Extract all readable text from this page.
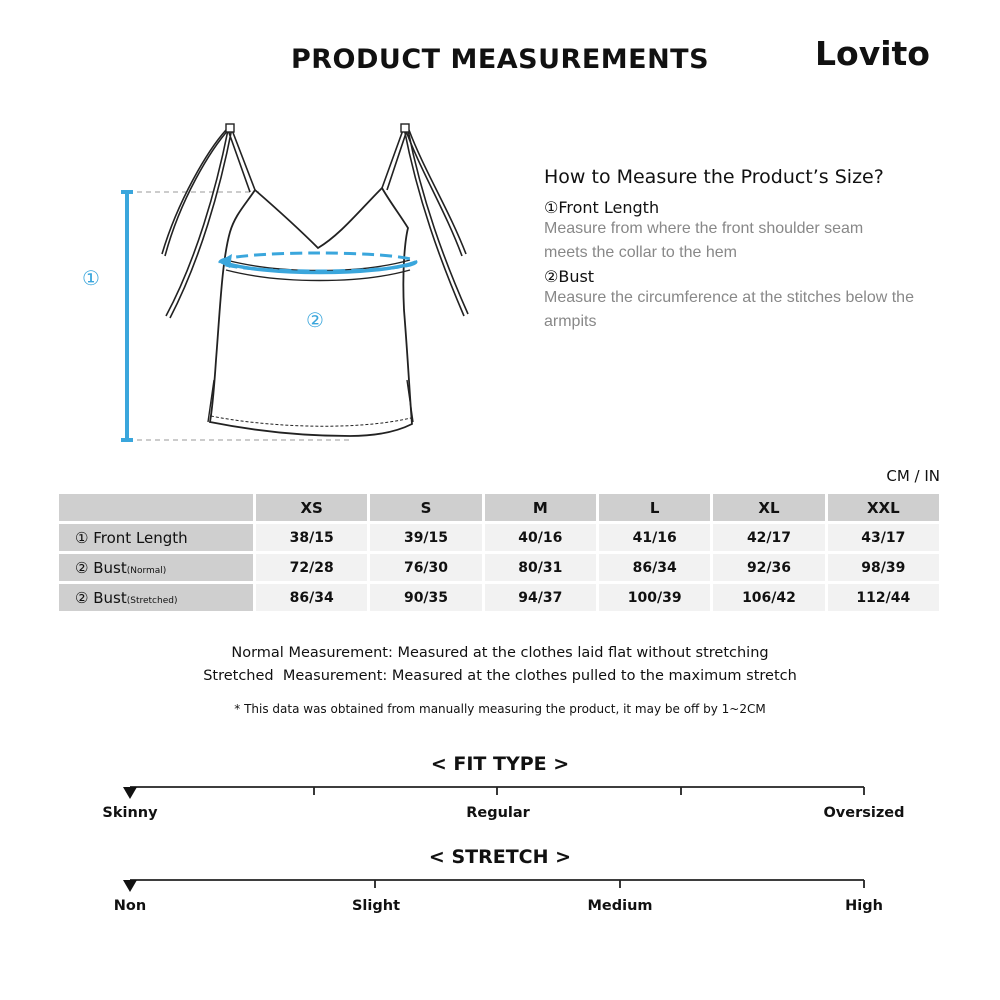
PRODUCT MEASUREMENTS	Lovito
①
②
How to Measure the Product’s Size?
①Front Length
Measure from where the front shoulder seam meets the collar to the hem
②Bust
Measure the circumference at the stitches below the armpits
CM / IN
	XS	S	M	L	XL	XXL
① Front Length	38/15	39/15	40/16	41/16	42/17	43/17
② Bust(Normal)	72/28	76/30	80/31	86/34	92/36	98/39
② Bust(Stretched)	86/34	90/35	94/37	100/39	106/42	112/44
Normal Measurement: Measured at the clothes laid flat without stretching
Stretched  Measurement: Measured at the clothes pulled to the maximum stretch
* This data was obtained from manually measuring the product, it may be off by 1~2CM
< FIT TYPE >
Skinny	Regular	Oversized
< STRETCH >
Non	Slight	Medium	High
